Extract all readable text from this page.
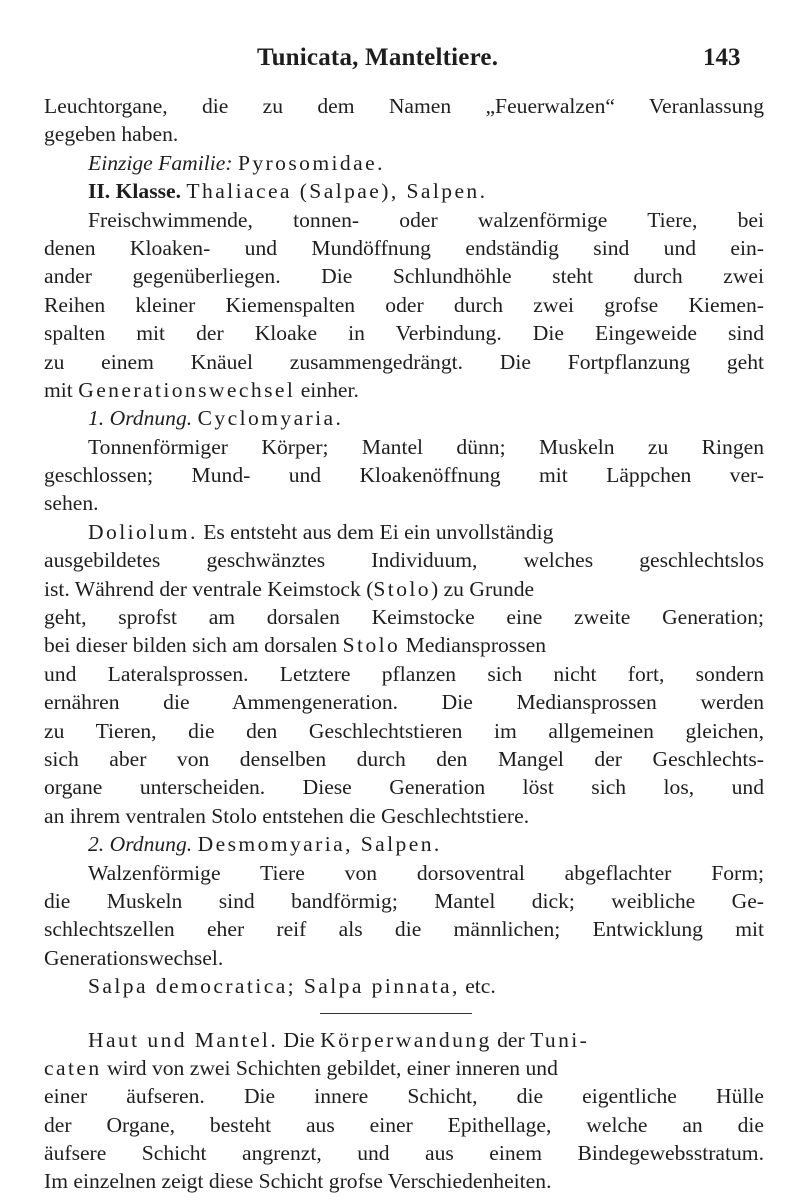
Tunicata, Manteltiere.	143
Leuchtorgane, die zu dem Namen „Feuerwalzen“ Veranlassung
gegeben haben.
Einzige Familie: Pyrosomidae.
II. Klasse. Thaliacea (Salpae), Salpen.
Freischwimmende, tonnen- oder walzenförmige Tiere, bei
denen Kloaken- und Mundöffnung endständig sind und ein-
ander gegenüberliegen. Die Schlundhöhle steht durch zwei
Reihen kleiner Kiemenspalten oder durch zwei grofse Kiemen-
spalten mit der Kloake in Verbindung. Die Eingeweide sind
zu einem Knäuel zusammengedrängt. Die Fortpflanzung geht
mit Generationswechsel einher.
1. Ordnung. Cyclomyaria.
Tonnenförmiger Körper; Mantel dünn; Muskeln zu Ringen
geschlossen; Mund- und Kloakenöffnung mit Läppchen ver-
sehen.
Doliolum. Es entsteht aus dem Ei ein unvollständig
ausgebildetes geschwänztes Individuum, welches geschlechtslos
ist. Während der ventrale Keimstock (Stolo) zu Grunde
geht, sprofst am dorsalen Keimstocke eine zweite Generation;
bei dieser bilden sich am dorsalen Stolo Mediansprossen
und Lateralsprossen. Letztere pflanzen sich nicht fort, sondern
ernähren die Ammengeneration. Die Mediansprossen werden
zu Tieren, die den Geschlechtstieren im allgemeinen gleichen,
sich aber von denselben durch den Mangel der Geschlechts-
organe unterscheiden. Diese Generation löst sich los, und
an ihrem ventralen Stolo entstehen die Geschlechtstiere.
2. Ordnung. Desmomyaria, Salpen.
Walzenförmige Tiere von dorsoventral abgeflachter Form;
die Muskeln sind bandförmig; Mantel dick; weibliche Ge-
schlechtszellen eher reif als die männlichen; Entwicklung mit
Generationswechsel.
Salpa democratica; Salpa pinnata, etc.
Haut und Mantel. Die Körperwandung der Tuni-
caten wird von zwei Schichten gebildet, einer inneren und
einer äufseren. Die innere Schicht, die eigentliche Hülle
der Organe, besteht aus einer Epithellage, welche an die
äufsere Schicht angrenzt, und aus einem Bindegewebsstratum.
Im einzelnen zeigt diese Schicht grofse Verschiedenheiten.
